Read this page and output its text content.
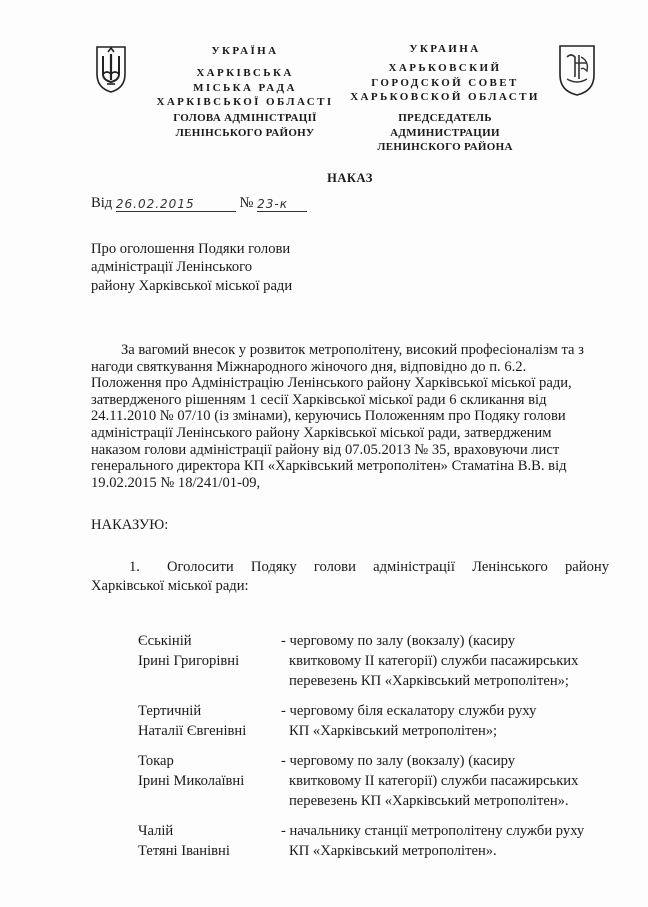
УКРАЇНА
ХАРКІВСЬКА
МІСЬКА РАДА
ХАРКІВСЬКОЇ ОБЛАСТІ
ГОЛОВА АДМІНІСТРАЦІЇ
ЛЕНІНСЬКОГО РАЙОНУ
УКРАИНА
ХАРЬКОВСКИЙ
ГОРОДСКОЙ СОВЕТ
ХАРЬКОВСКОЙ ОБЛАСТИ
ПРЕДСЕДАТЕЛЬ АДМИНИСТРАЦИИ
ЛЕНИНСКОГО РАЙОНА
НАКАЗ
Від 26.02.2015	№ 23-к
Про оголошення Подяки голови
адміністрації Ленінського
району Харківської міської ради
За вагомий внесок у розвиток метрополітену, високий професіоналізм та з
нагоди святкування Міжнародного жіночого дня, відповідно до п. 6.2.
Положення про Адміністрацію Ленінського району Харківської міської ради,
затвердженого рішенням 1 сесії Харківської міської ради 6 скликання від
24.11.2010 № 07/10 (із змінами), керуючись Положенням про Подяку голови
адміністрації Ленінського району Харківської міської ради, затвердженим
наказом голови адміністрації району від 07.05.2013 № 35, враховуючи лист
генерального директора КП «Харківський метрополітен» Стаматіна В.В. від
19.02.2015 № 18/241/01-09,
НАКАЗУЮ:
1.	Оголосити Подяку голови адміністрації Ленінського району
Харківської міської ради:
Єськіній
Ірині Григорівні
- черговому по залу (вокзалу) (касиру
квитковому II категорії) служби пасажирських
перевезень КП «Харківський метрополітен»;
Тертичній
Наталії Євгенівні
- черговому біля ескалатору служби руху
КП «Харківський метрополітен»;
Токар
Ірині Миколаївні
- черговому по залу (вокзалу) (касиру
квитковому II категорії) служби пасажирських
перевезень КП «Харківський метрополітен».
Чалій
Тетяні Іванівні
- начальнику станції метрополітену служби руху
КП «Харківський метрополітен».
